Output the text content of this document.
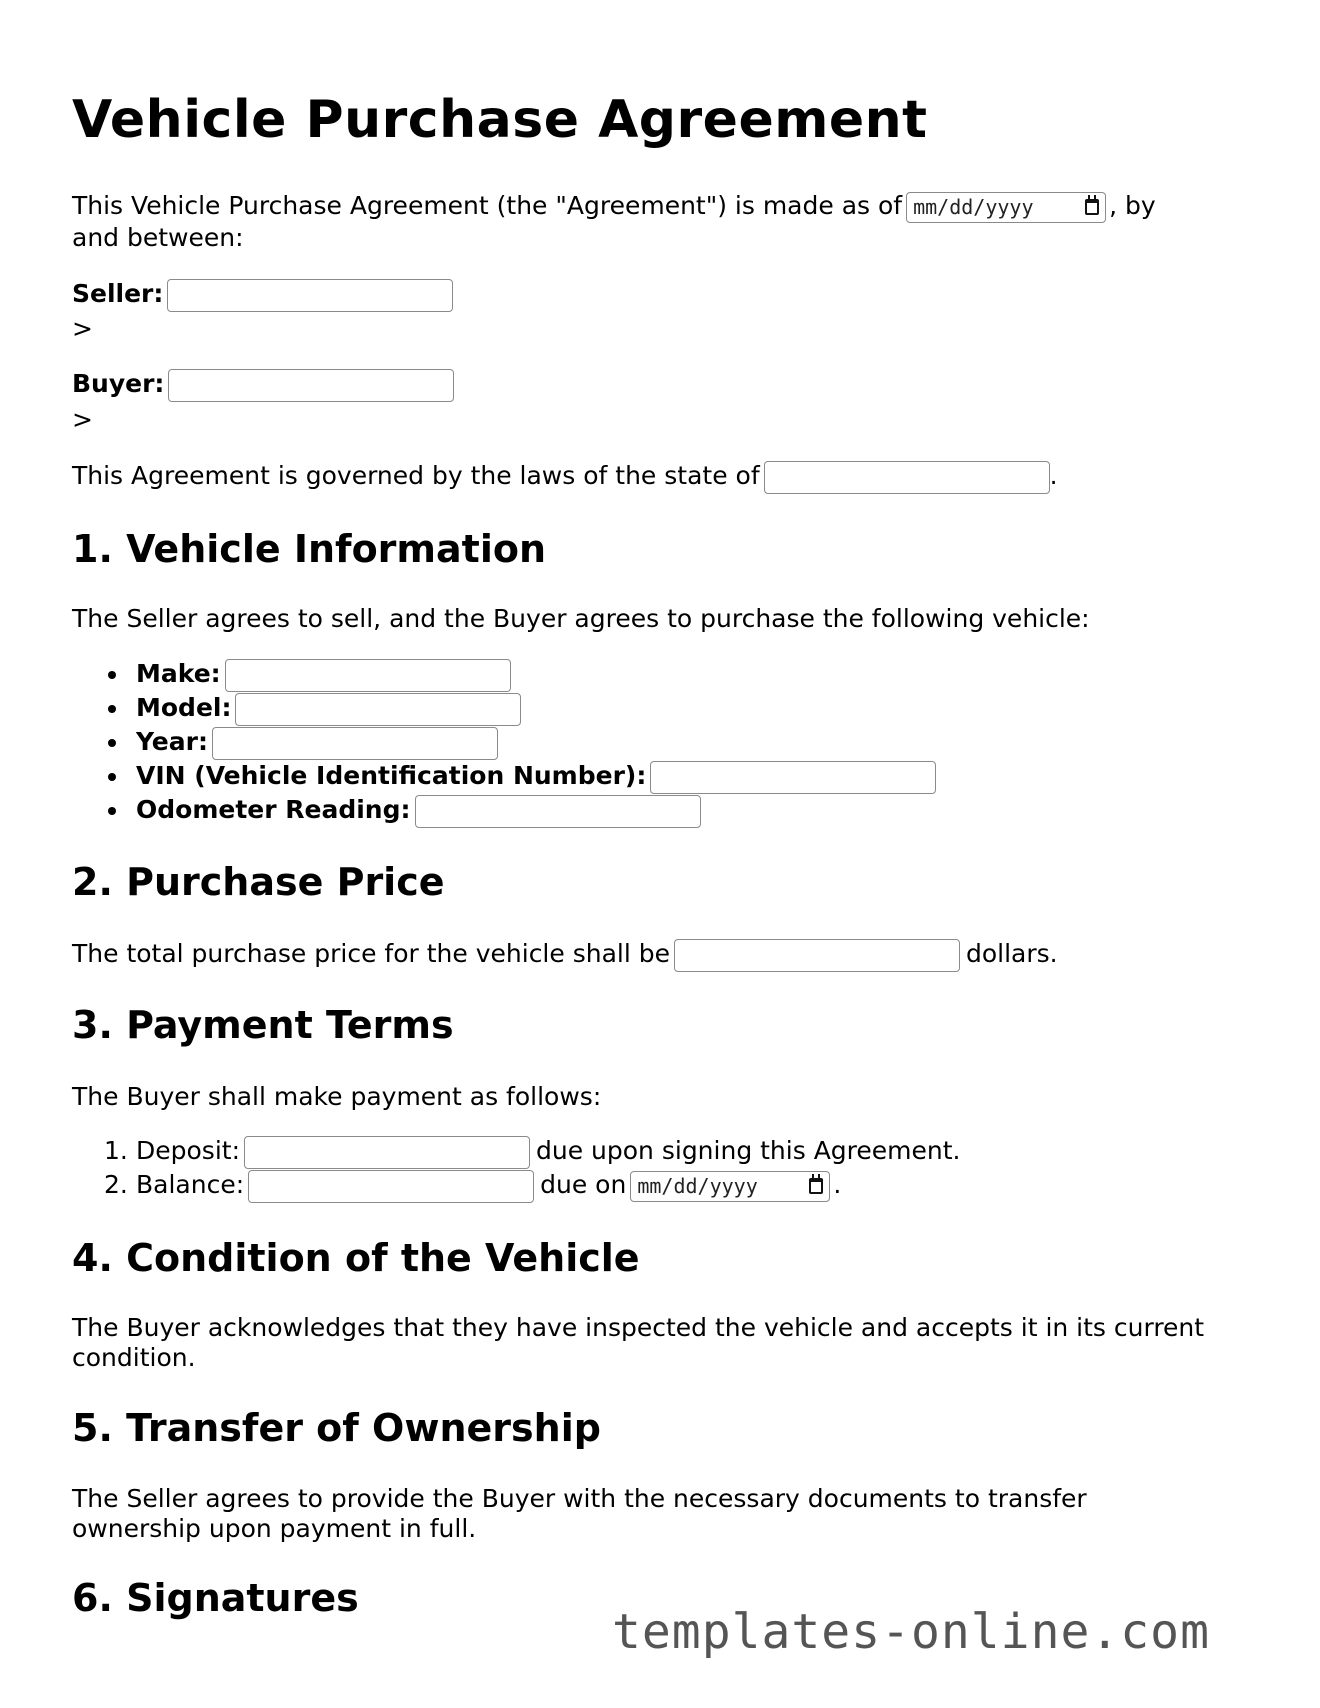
Vehicle Purchase Agreement
This Vehicle Purchase Agreement (the "Agreement") is made as of mm/dd/yyyy	, by
and between:
Seller:
>
Buyer:
>
This Agreement is governed by the laws of the state of	.
1. Vehicle Information
The Seller agrees to sell, and the Buyer agrees to purchase the following vehicle:
Make:
Model:
Year:
VIN (Vehicle Identification Number):
Odometer Reading:
2. Purchase Price
The total purchase price for the vehicle shall be	dollars.
3. Payment Terms
The Buyer shall make payment as follows:
1. Deposit:	due upon signing this Agreement.
2. Balance:	due on mm/dd/yyyy	.
4. Condition of the Vehicle
The Buyer acknowledges that they have inspected the vehicle and accepts it in its current condition.
5. Transfer of Ownership
The Seller agrees to provide the Buyer with the necessary documents to transfer
ownership upon payment in full.
6. Signatures
templates-online.com
